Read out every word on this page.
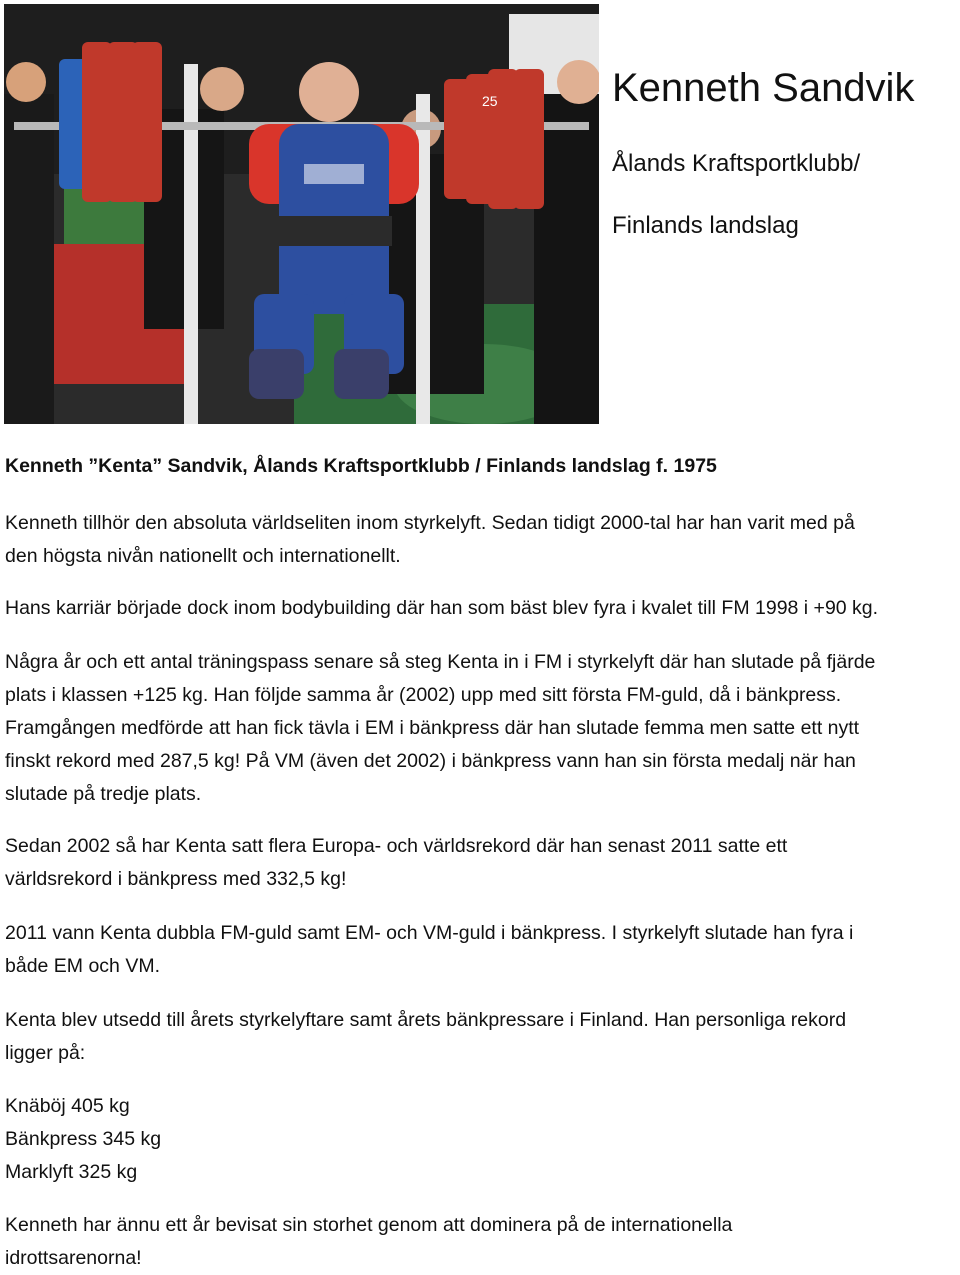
25	Kenneth Sandvik
Ålands Kraftsportklubb/
Finlands landslag

Kenneth ”Kenta” Sandvik, Ålands Kraftsportklubb / Finlands landslag f. 1975

Kenneth tillhör den absoluta världseliten inom styrkelyft. Sedan tidigt 2000-tal har han varit med på
den högsta nivån nationellt och internationellt.

Hans karriär började dock inom bodybuilding där han som bäst blev fyra i kvalet till FM 1998 i +90 kg.

Några år och ett antal träningspass senare så steg Kenta in i FM i styrkelyft där han slutade på fjärde
plats i klassen +125 kg. Han följde samma år (2002) upp med sitt första FM-guld, då i bänkpress.
Framgången medförde att han fick tävla i EM i bänkpress där han slutade femma men satte ett nytt
finskt rekord med 287,5 kg! På VM (även det 2002) i bänkpress vann han sin första medalj när han
slutade på tredje plats.

Sedan 2002 så har Kenta satt flera Europa- och världsrekord där han senast 2011 satte ett
världsrekord i bänkpress med 332,5 kg!

2011 vann Kenta dubbla FM-guld samt EM- och VM-guld i bänkpress. I styrkelyft slutade han fyra i
både EM och VM.

Kenta blev utsedd till årets styrkelyftare samt årets bänkpressare i Finland. Han personliga rekord
ligger på:

Knäböj 405 kg
Bänkpress 345 kg
Marklyft 325 kg

Kenneth har ännu ett år bevisat sin storhet genom att dominera på de internationella
idrottsarenorna!
